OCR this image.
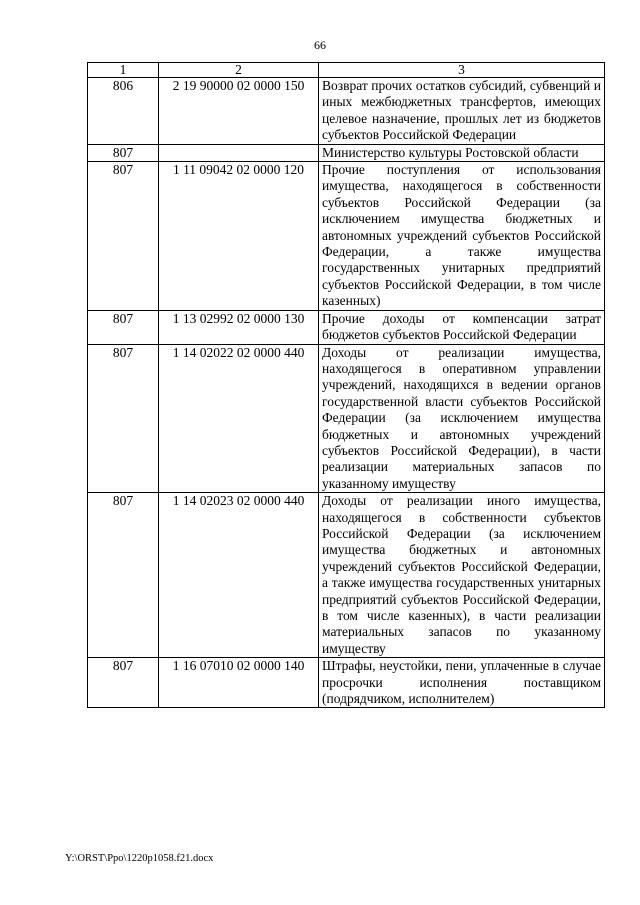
66
1	2	3
806	2 19 90000 02 0000 150	Возврат прочих остатков субсидий, субвенций и иных межбюджетных трансфертов, имеющих целевое назначение, прошлых лет из бюджетов субъектов Российской Федерации
807		Министерство культуры Ростовской области
807	1 11 09042 02 0000 120	Прочие поступления от использования имущества, находящегося в собственности субъектов Российской Федерации (за исключением имущества бюджетных и автономных учреждений субъектов Российской Федерации, а также имущества государственных унитарных предприятий субъектов Российской Федерации, в том числе казенных)
807	1 13 02992 02 0000 130	Прочие доходы от компенсации затрат бюджетов субъектов Российской Федерации
807	1 14 02022 02 0000 440	Доходы от реализации имущества, находящегося в оперативном управлении учреждений, находящихся в ведении органов государственной власти субъектов Российской Федерации (за исключением имущества бюджетных и автономных учреждений субъектов Российской Федерации), в части реализации материальных запасов по указанному имуществу
807	1 14 02023 02 0000 440	Доходы от реализации иного имущества, находящегося в собственности субъектов Российской Федерации (за исключением имущества бюджетных и автономных учреждений субъектов Российской Федерации, а также имущества государственных унитарных предприятий субъектов Российской Федерации, в том числе казенных), в части реализации материальных запасов по указанному имуществу
807	1 16 07010 02 0000 140	Штрафы, неустойки, пени, уплаченные в случае просрочки исполнения поставщиком (подрядчиком, исполнителем)
Y:\ORST\Ppo\1220p1058.f21.docx
